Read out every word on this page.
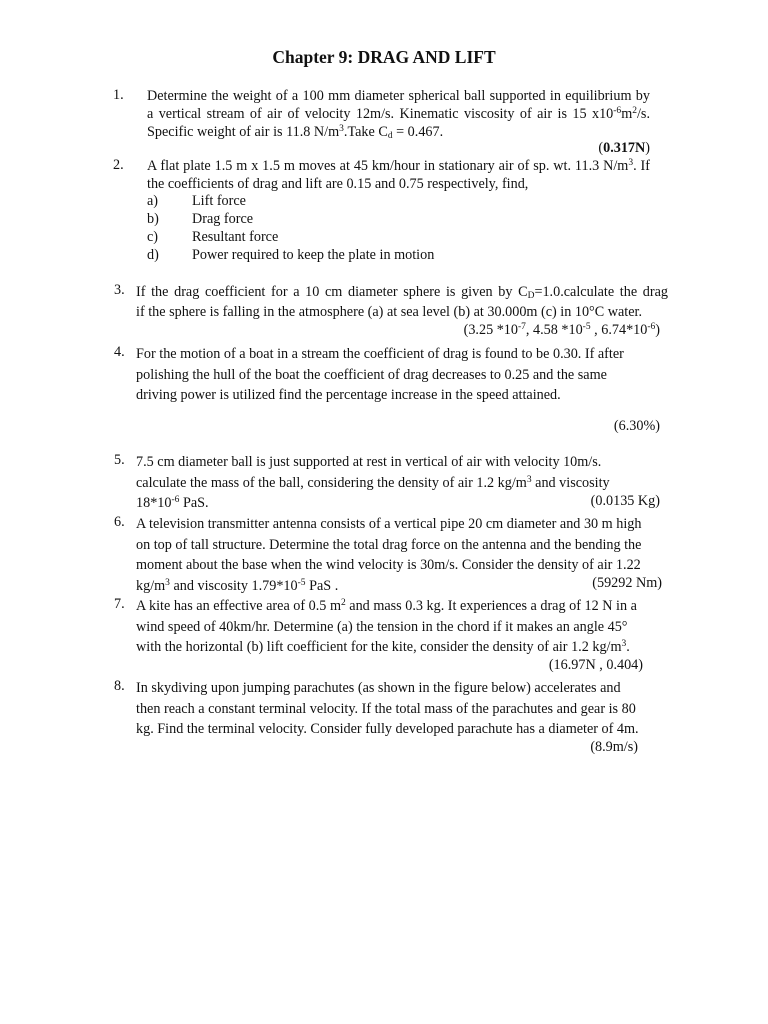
Chapter 9: DRAG AND LIFT
1. Determine the weight of a 100 mm diameter spherical ball supported in equilibrium by

a vertical stream of air of velocity 12m/s. Kinematic viscosity of air is 15 $x10^{-6}m^2/s$.

Specific weight of air is 11.8 $N/m^3.Take$ $C_d = 0.467$.

(0.317N)
2. A flat plate 1.5 m x 1.5 m moves at 45 km/hour in stationary air of sp. wt. 11.3 $N/m^3$. If

the coefficients of drag and lift are 0.15 and 0.75 respectively, find,

a) Lift force
b) Drag force
c) Resultant force
d) Power required to keep the plate in motion
3. If the drag coefficient for a 10 cm diameter sphere is given by $C_D=1.0.calculate$ the drag

if the sphere is falling in the atmosphere (a) at sea level (b) at 30.000m (c) in 10°C water.

(3.25 $*10^{-7}$, 4.58 $*10^{-5}$ , $6.74*10^{-6}$)
4. For the motion of a boat in a stream the coefficient of drag is found to be 0.30. If after

polishing the hull of the boat the coefficient of drag decreases to 0.25 and the same

driving power is utilized find the percentage increase in the speed attained.

(6.30%)
5. 7.5 cm diameter ball is just supported at rest in vertical of air with velocity 10m/s.

calculate the mass of the ball, considering the density of air 1.2 $kg/m^3$ and viscosity

$18*10^{-6}$ PaS.	(0.0135 Kg)
6. A television transmitter antenna consists of a vertical pipe 20 cm diameter and 30 m high

on top of tall structure. Determine the total drag force on the antenna and the bending the

moment about the base when the wind velocity is 30m/s. Consider the density of air 1.22

$kg/m^3$ and viscosity $1.79*10^{-5}$ PaS .	(59292 Nm)
7. A kite has an effective area of 0.5 $m^2$ and mass 0.3 kg. It experiences a drag of 12 N in a

wind speed of 40km/hr. Determine (a) the tension in the chord if it makes an angle 45°

with the horizontal (b) lift coefficient for the kite, consider the density of air 1.2 $kg/m^3$.

(16.97N , 0.404)
8. In skydiving upon jumping parachutes (as shown in the figure below) accelerates and

then reach a constant terminal velocity. If the total mass of the parachutes and gear is 80

kg. Find the terminal velocity. Consider fully developed parachute has a diameter of 4m.

(8.9m/s)
